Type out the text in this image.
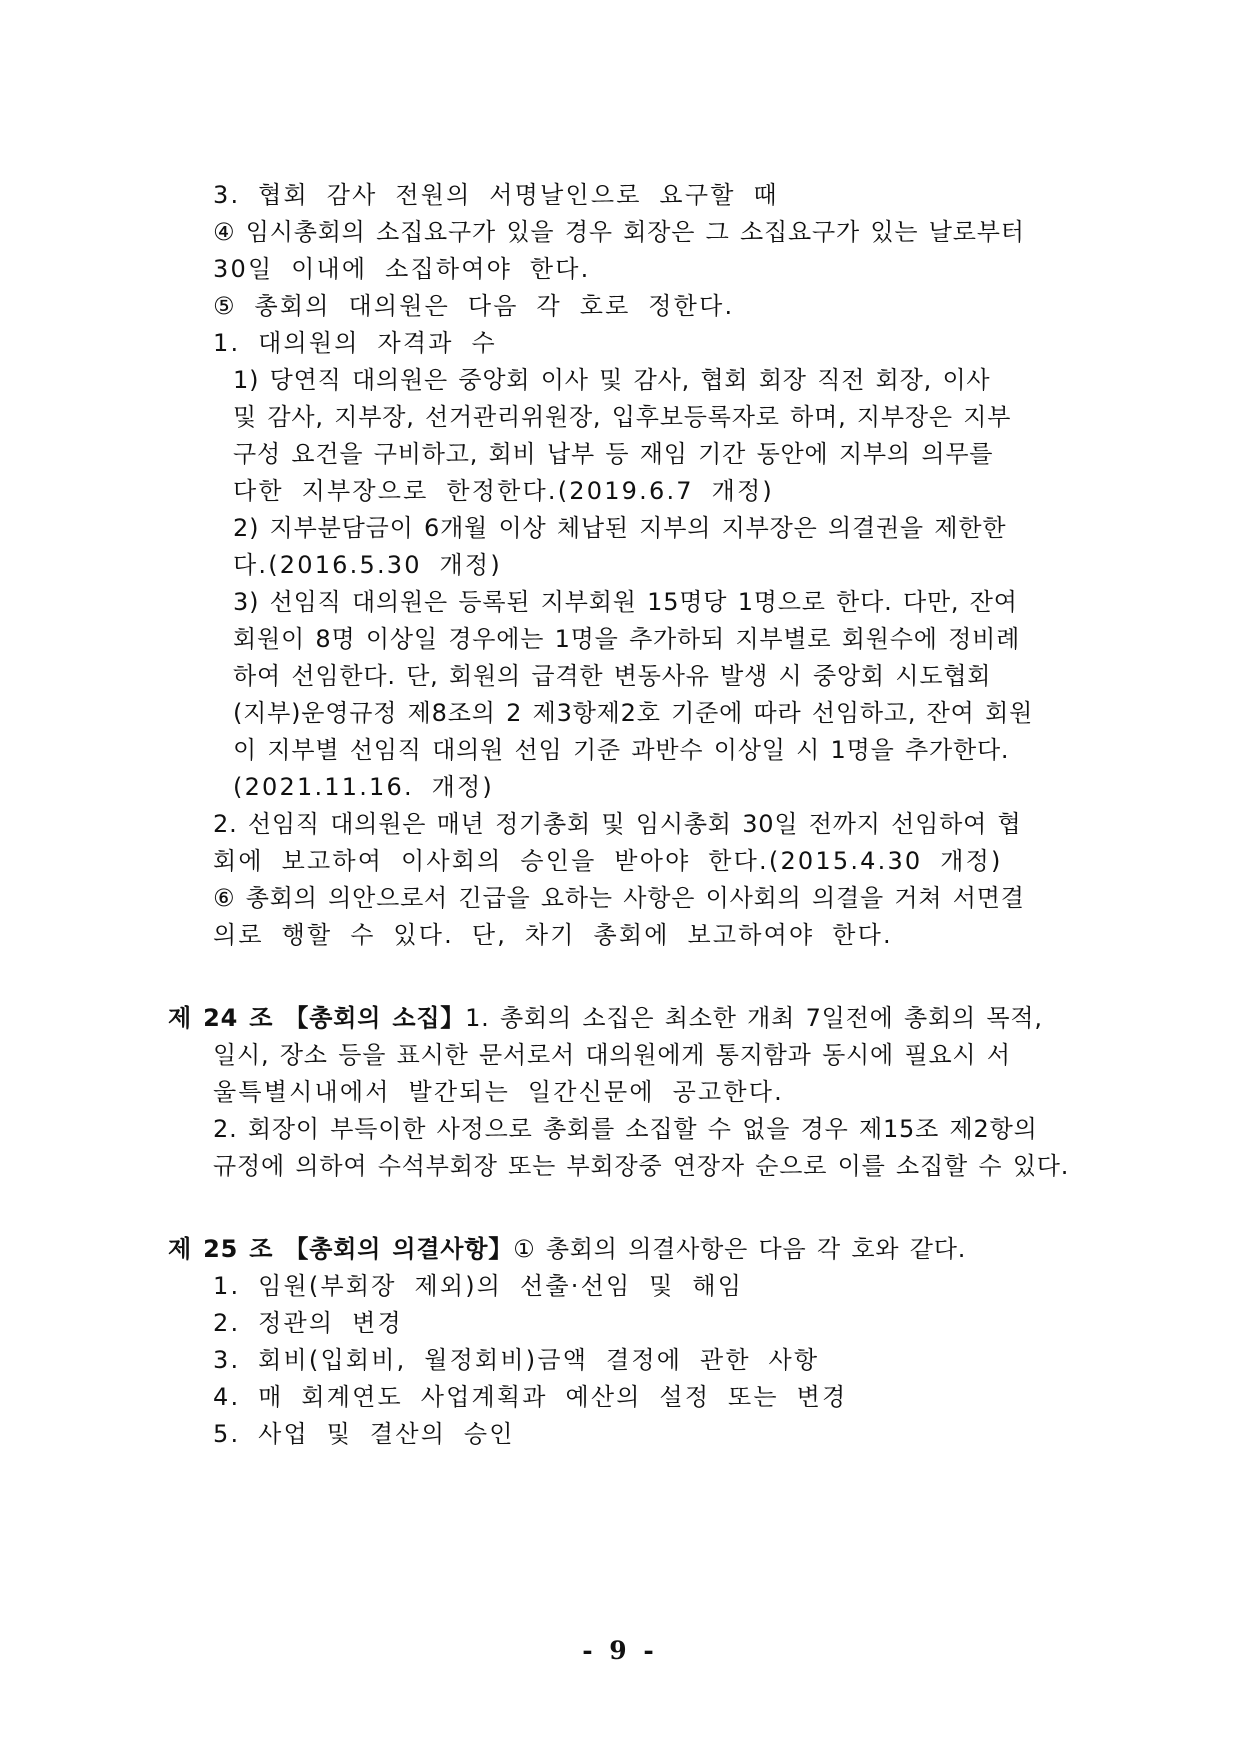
3. 협회 감사 전원의 서명날인으로 요구할 때
④ 임시총회의 소집요구가 있을 경우 회장은 그 소집요구가 있는 날로부터
30일 이내에 소집하여야 한다.
⑤ 총회의 대의원은 다음 각 호로 정한다.
1. 대의원의 자격과 수
1) 당연직 대의원은 중앙회 이사 및 감사, 협회 회장 직전 회장, 이사
및 감사, 지부장, 선거관리위원장, 입후보등록자로 하며, 지부장은 지부
구성 요건을 구비하고, 회비 납부 등 재임 기간 동안에 지부의 의무를
다한 지부장으로 한정한다.(2019.6.7 개정)
2) 지부분담금이 6개월 이상 체납된 지부의 지부장은 의결권을 제한한
다.(2016.5.30 개정)
3) 선임직 대의원은 등록된 지부회원 15명당 1명으로 한다. 다만, 잔여
회원이 8명 이상일 경우에는 1명을 추가하되 지부별로 회원수에 정비례
하여 선임한다. 단, 회원의 급격한 변동사유 발생 시 중앙회 시도협회
(지부)운영규정 제8조의 2 제3항제2호 기준에 따라 선임하고, 잔여 회원
이 지부별 선임직 대의원 선임 기준 과반수 이상일 시 1명을 추가한다.
(2021.11.16. 개정)
2. 선임직 대의원은 매년 정기총회 및 임시총회 30일 전까지 선임하여 협
회에 보고하여 이사회의 승인을 받아야 한다.(2015.4.30 개정)
⑥ 총회의 의안으로서 긴급을 요하는 사항은 이사회의 의결을 거쳐 서면결
의로 행할 수 있다. 단, 차기 총회에 보고하여야 한다.
제 24 조 【총회의 소집】1. 총회의 소집은 최소한 개최 7일전에 총회의 목적,
일시, 장소 등을 표시한 문서로서 대의원에게 통지함과 동시에 필요시 서
울특별시내에서 발간되는 일간신문에 공고한다.
2. 회장이 부득이한 사정으로 총회를 소집할 수 없을 경우 제15조 제2항의
규정에 의하여 수석부회장 또는 부회장중 연장자 순으로 이를 소집할 수 있다.
제 25 조 【총회의 의결사항】① 총회의 의결사항은 다음 각 호와 같다.
1. 임원(부회장 제외)의 선출·선임 및 해임
2. 정관의 변경
3. 회비(입회비, 월정회비)금액 결정에 관한 사항
4. 매 회계연도 사업계획과 예산의 설정 또는 변경
5. 사업 및 결산의 승인
- 9 -
